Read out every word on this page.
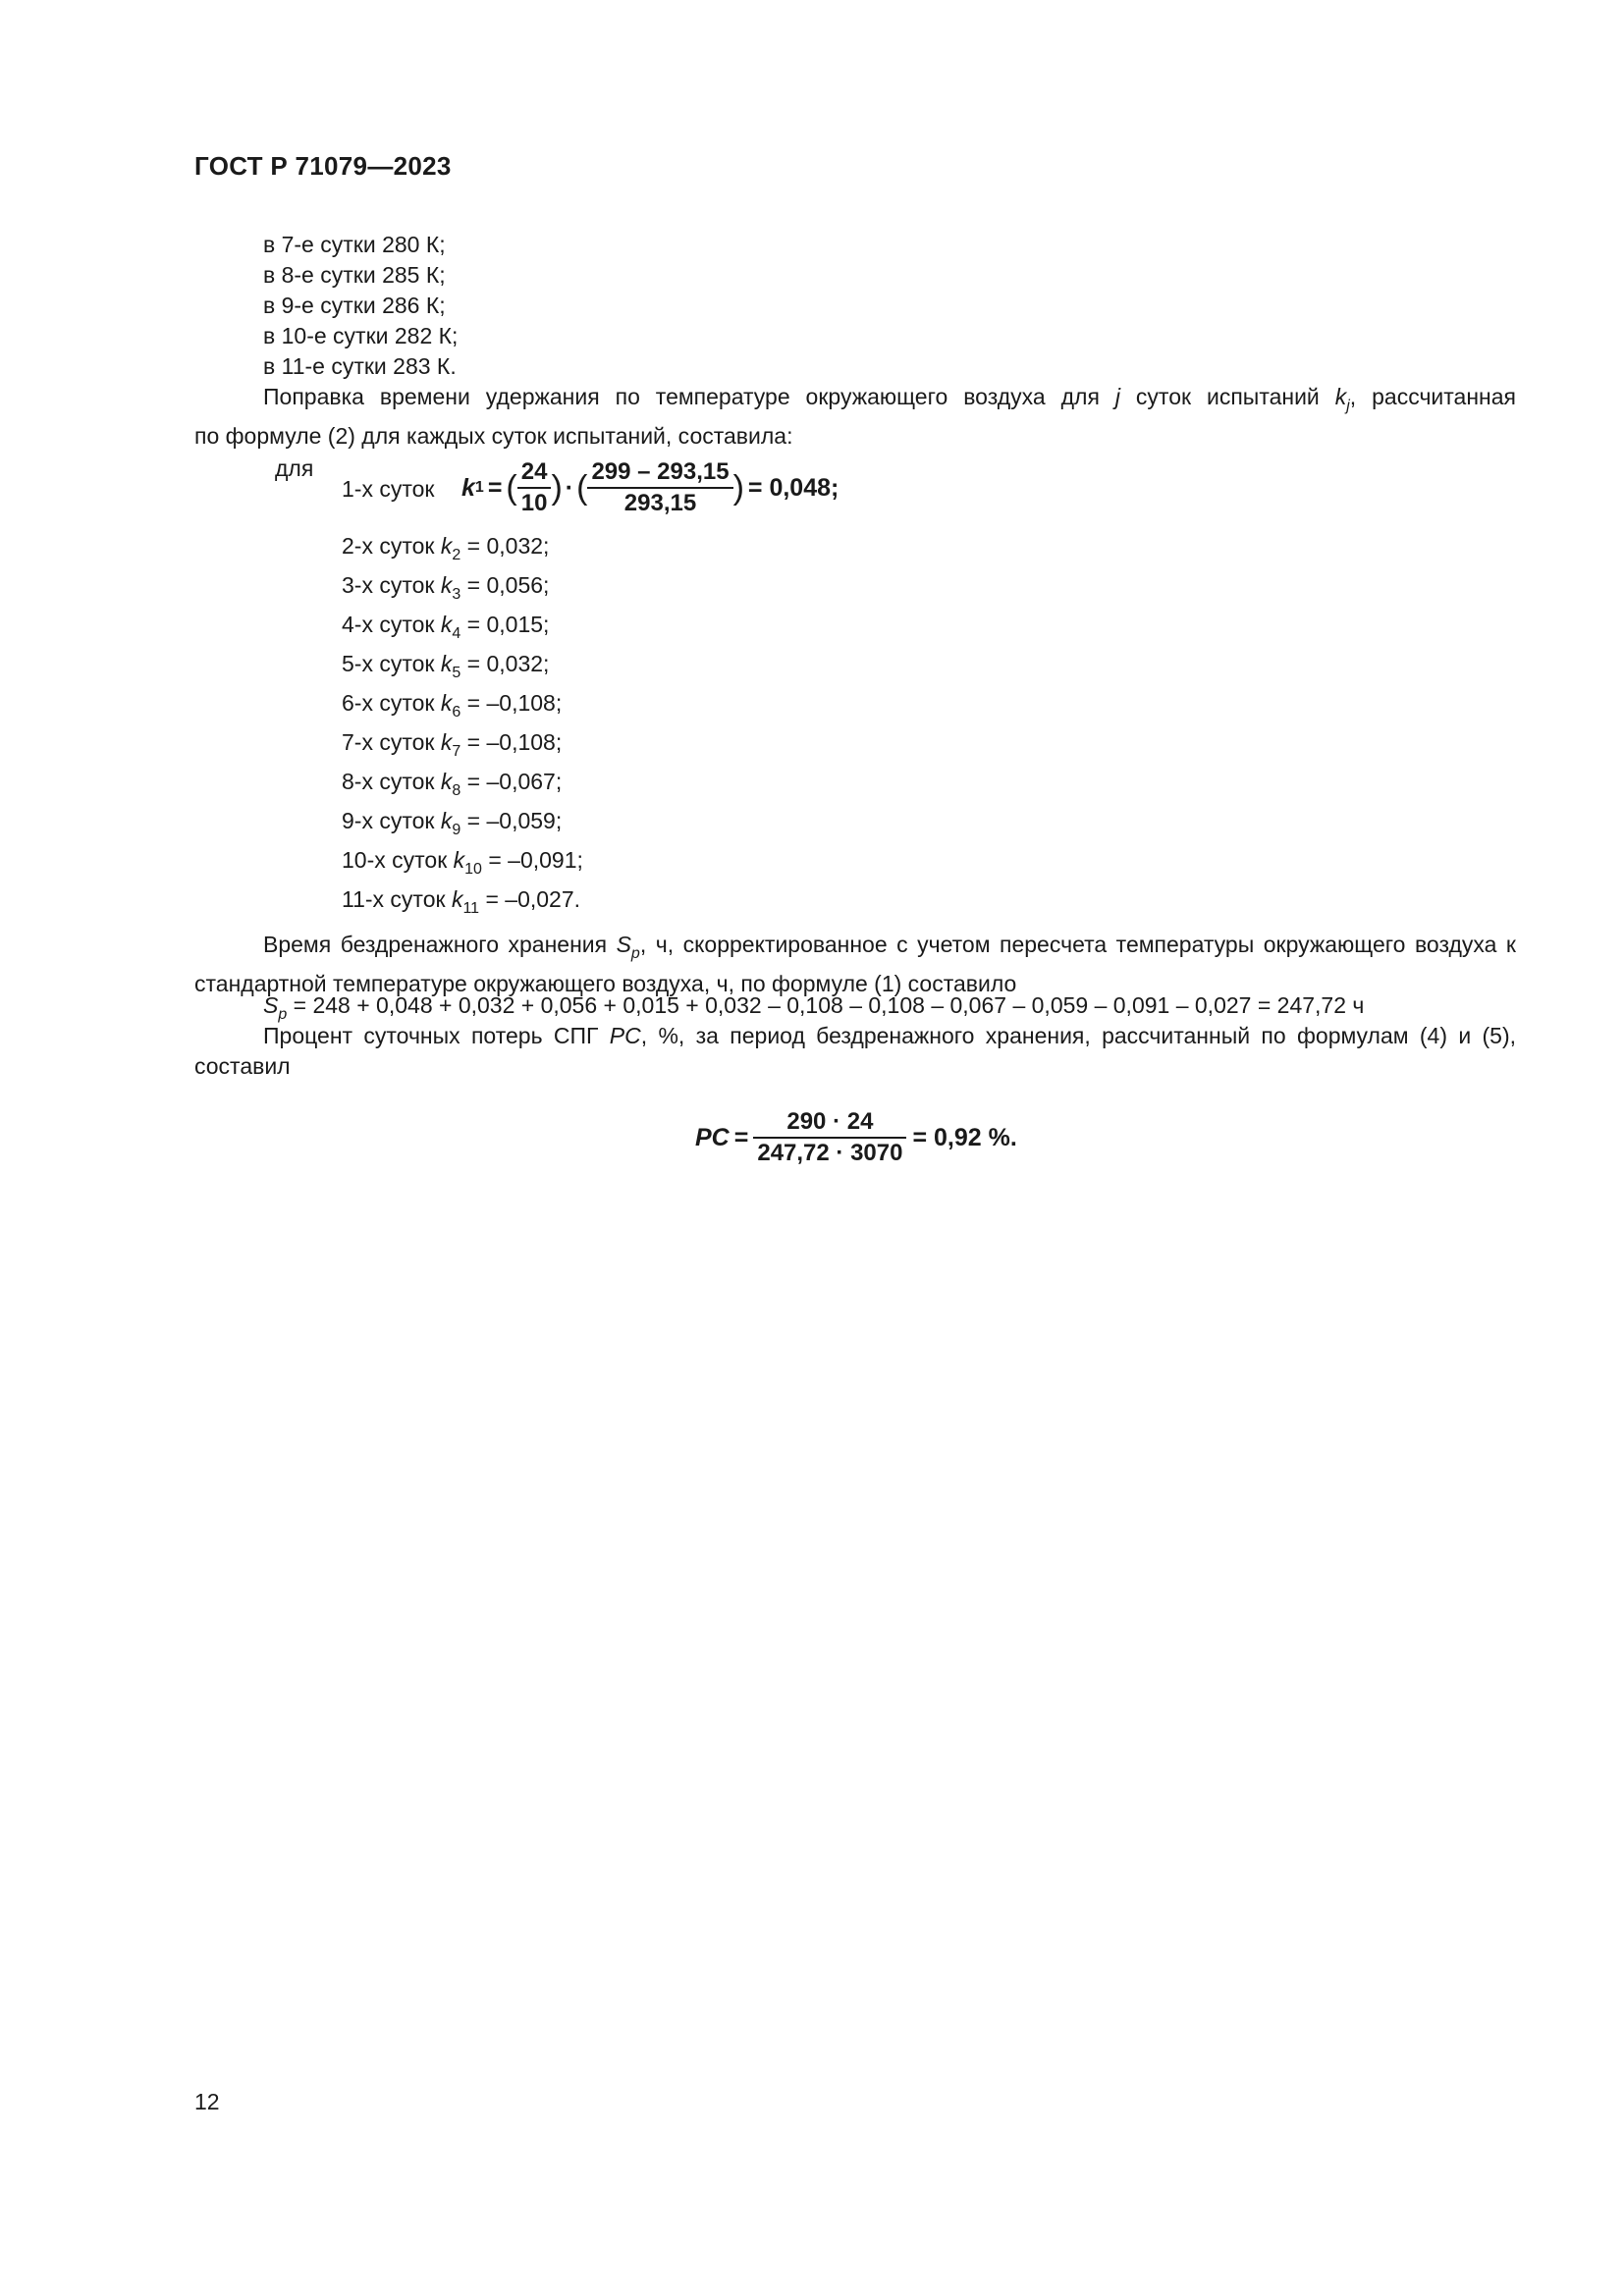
ГОСТ Р 71079—2023
в 7-е сутки 280 К;
в 8-е сутки 285 К;
в 9-е сутки 286 К;
в 10-е сутки 282 К;
в 11-е сутки 283 К.
Поправка времени удержания по температуре окружающего воздуха для j суток испытаний $k_j$, рассчитанная
по формуле (2) для каждых суток испытаний, составила:
для
1-х суток k 1 = ( $\frac{24}{10}$ ) · ( $\frac{299 - 293,15}{293,15}$ ) = 0,048;
2-х суток $k_2 = 0,032$;
3-х суток $k_3 = 0,056$;
4-х суток $k_4 = 0,015$;
5-х суток $k_5 = 0,032$;
6-х суток $k_6 = -0,108$;
7-х суток $k_7 = -0,108$;
8-х суток $k_8 = -0,067$;
9-х суток $k_9 = -0,059$;
10-х суток $k_{10} = -0,091$;
11-х суток $k_{11} = -0,027$.
Время бездренажного хранения $S_р$, ч, скорректированное с учетом пересчета температуры окружающего воздуха к стандартной температуре окружающего воздуха, ч, по формуле (1) составило
$S_р = 248 + 0,048 + 0,032 + 0,056 + 0,015 + 0,032 - 0,108 - 0,108 - 0,067 - 0,059 - 0,091 - 0,027 = 247,72$ ч
Процент суточных потерь СПГ PC, %, за период бездренажного хранения, рассчитанный по формулам (4) и (5), составил
PC = $\frac{290 \cdot 24}{247,72 \cdot 3070} = 0,92$ %.
12
